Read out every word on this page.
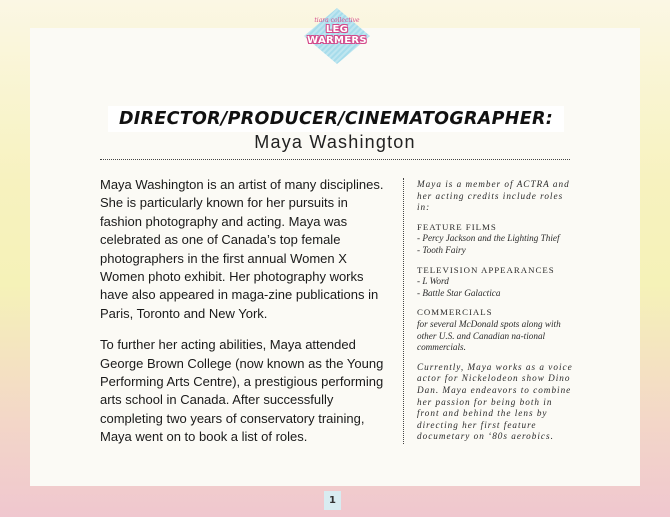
tiara collective
LEG WARMERS
DIRECTOR/PRODUCER/CINEMATOGRAPHER:
Maya Washington

Maya Washington is an artist of many disciplines. She is particularly known for her pursuits in fashion photography and acting. Maya was celebrated as one of Canada’s top female photographers in the first annual Women X Women photo exhibit. Her photography works have also appeared in maga-zine publications in Paris, Toronto and New York.

To further her acting abilities, Maya attended George Brown College (now known as the Young Performing Arts Centre), a prestigious performing arts school in Canada. After successfully completing two years of conservatory training, Maya went on to book a list of roles.

Maya is a member of ACTRA and her acting credits include roles in:
FEATURE FILMS
- Percy Jackson and the Lighting Thief
- Tooth Fairy
TELEVISION APPEARANCES
- L Word
- Battle Star Galactica
COMMERCIALS
for several McDonald spots along with other U.S. and Canadian na-tional commercials.
Currently, Maya works as a voice actor for Nickelodeon show Dino Dan. Maya endeavors to combine her passion for being both in front and behind the lens by directing her first feature documetary on ‘80s aerobics.
1
